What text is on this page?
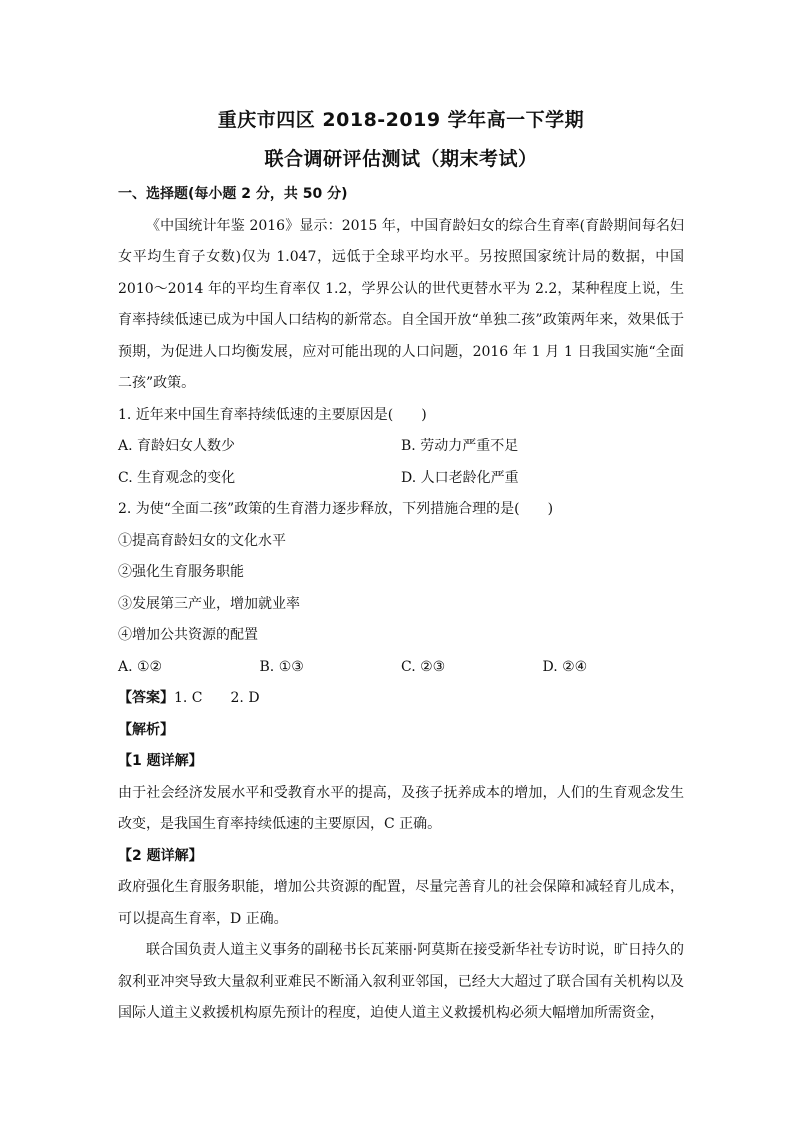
重庆市四区 2018-2019 学年高一下学期
联合调研评估测试（期末考试）

一、选择题(每小题 2 分，共 50 分)

《中国统计年鉴 2016》显示：2015 年，中国育龄妇女的综合生育率(育龄期间每名妇女平均生育子女数)仅为 1.047，远低于全球平均水平。另按照国家统计局的数据，中国 2010～2014 年的平均生育率仅 1.2，学界公认的世代更替水平为 2.2，某种程度上说，生育率持续低速已成为中国人口结构的新常态。自全国开放“单独二孩”政策两年来，效果低于预期，为促进人口均衡发展，应对可能出现的人口问题，2016 年 1 月 1 日我国实施“全面二孩”政策。

1. 近年来中国生育率持续低速的主要原因是(　　)

A. 育龄妇女人数少	B. 劳动力严重不足
C. 生育观念的变化	D. 人口老龄化严重

2. 为使“全面二孩”政策的生育潜力逐步释放，下列措施合理的是(　　)

①提高育龄妇女的文化水平

②强化生育服务职能

③发展第三产业，增加就业率

④增加公共资源的配置

A. ①②	B. ①③	C. ②③	D. ②④

【答案】1. C　　2. D

【解析】

【1 题详解】

由于社会经济发展水平和受教育水平的提高，及孩子抚养成本的增加，人们的生育观念发生改变，是我国生育率持续低速的主要原因，C 正确。

【2 题详解】

政府强化生育服务职能，增加公共资源的配置，尽量完善育儿的社会保障和减轻育儿成本，可以提高生育率，D 正确。

联合国负责人道主义事务的副秘书长瓦莱丽·阿莫斯在接受新华社专访时说，旷日持久的叙利亚冲突导致大量叙利亚难民不断涌入叙利亚邻国，已经大大超过了联合国有关机构以及国际人道主义救援机构原先预计的程度，迫使人道主义救援机构必须大幅增加所需资金，
